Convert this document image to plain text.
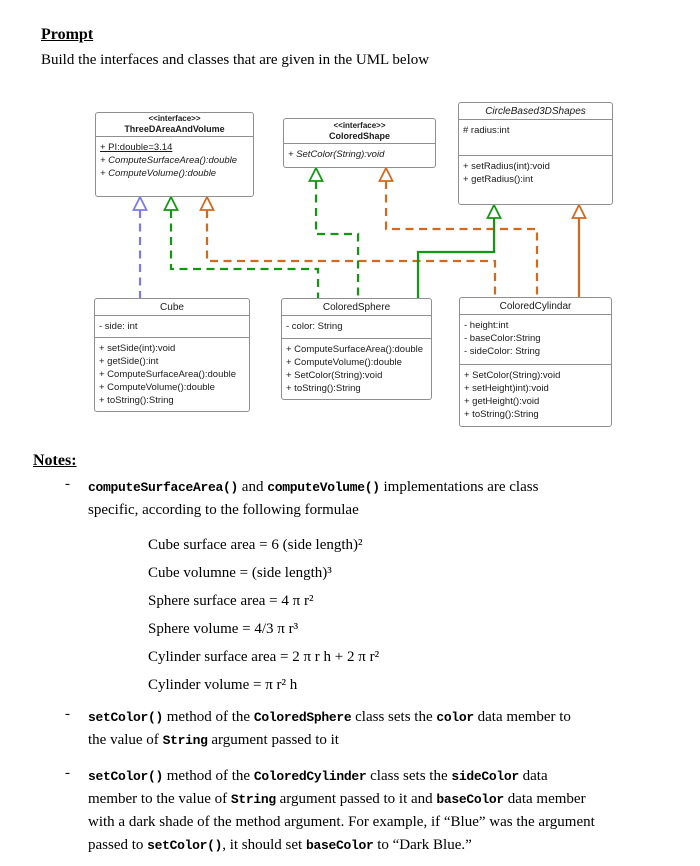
Prompt

Build the interfaces and classes that are given in the UML below

<<interface>>
ThreeDAreaAndVolume
+ PI:double=3.14
+ ComputeSurfaceArea():double
+ ComputeVolume():double
<<interface>>
ColoredShape
+ SetColor(String):void
CircleBased3DShapes
# radius:int
+ setRadius(int):void
+ getRadius():int
Cube
- side: int
+ setSide(int):void
+ getSide():int
+ ComputeSurfaceArea():double
+ ComputeVolume():double
+ toString():String
ColoredSphere
- color: String
+ ComputeSurfaceArea():double
+ ComputeVolume():double
+ SetColor(String):void
+ toString():String
ColoredCylindar
- height:int
- baseColor:String
- sideColor: String
+ SetColor(String):void
+ setHeight)int):void
+ getHeight():void
+ toString():String
Notes:
-	computeSurfaceArea() and computeVolume() implementations are class
specific, according to the following formulae
Cube surface area = 6 (side length)²
Cube volumne = (side length)³
Sphere surface area = 4 π r²
Sphere volume = 4/3 π r³
Cylinder surface area = 2 π r h + 2 π r²
Cylinder volume = π r² h
-	setColor() method of the ColoredSphere class sets the color data member to
the value of String argument passed to it
-	setColor() method of the ColoredCylinder class sets the sideColor data
member to the value of String argument passed to it and baseColor data member
with a dark shade of the method argument. For example, if “Blue” was the argument
passed to setColor(), it should set baseColor to “Dark Blue.”
